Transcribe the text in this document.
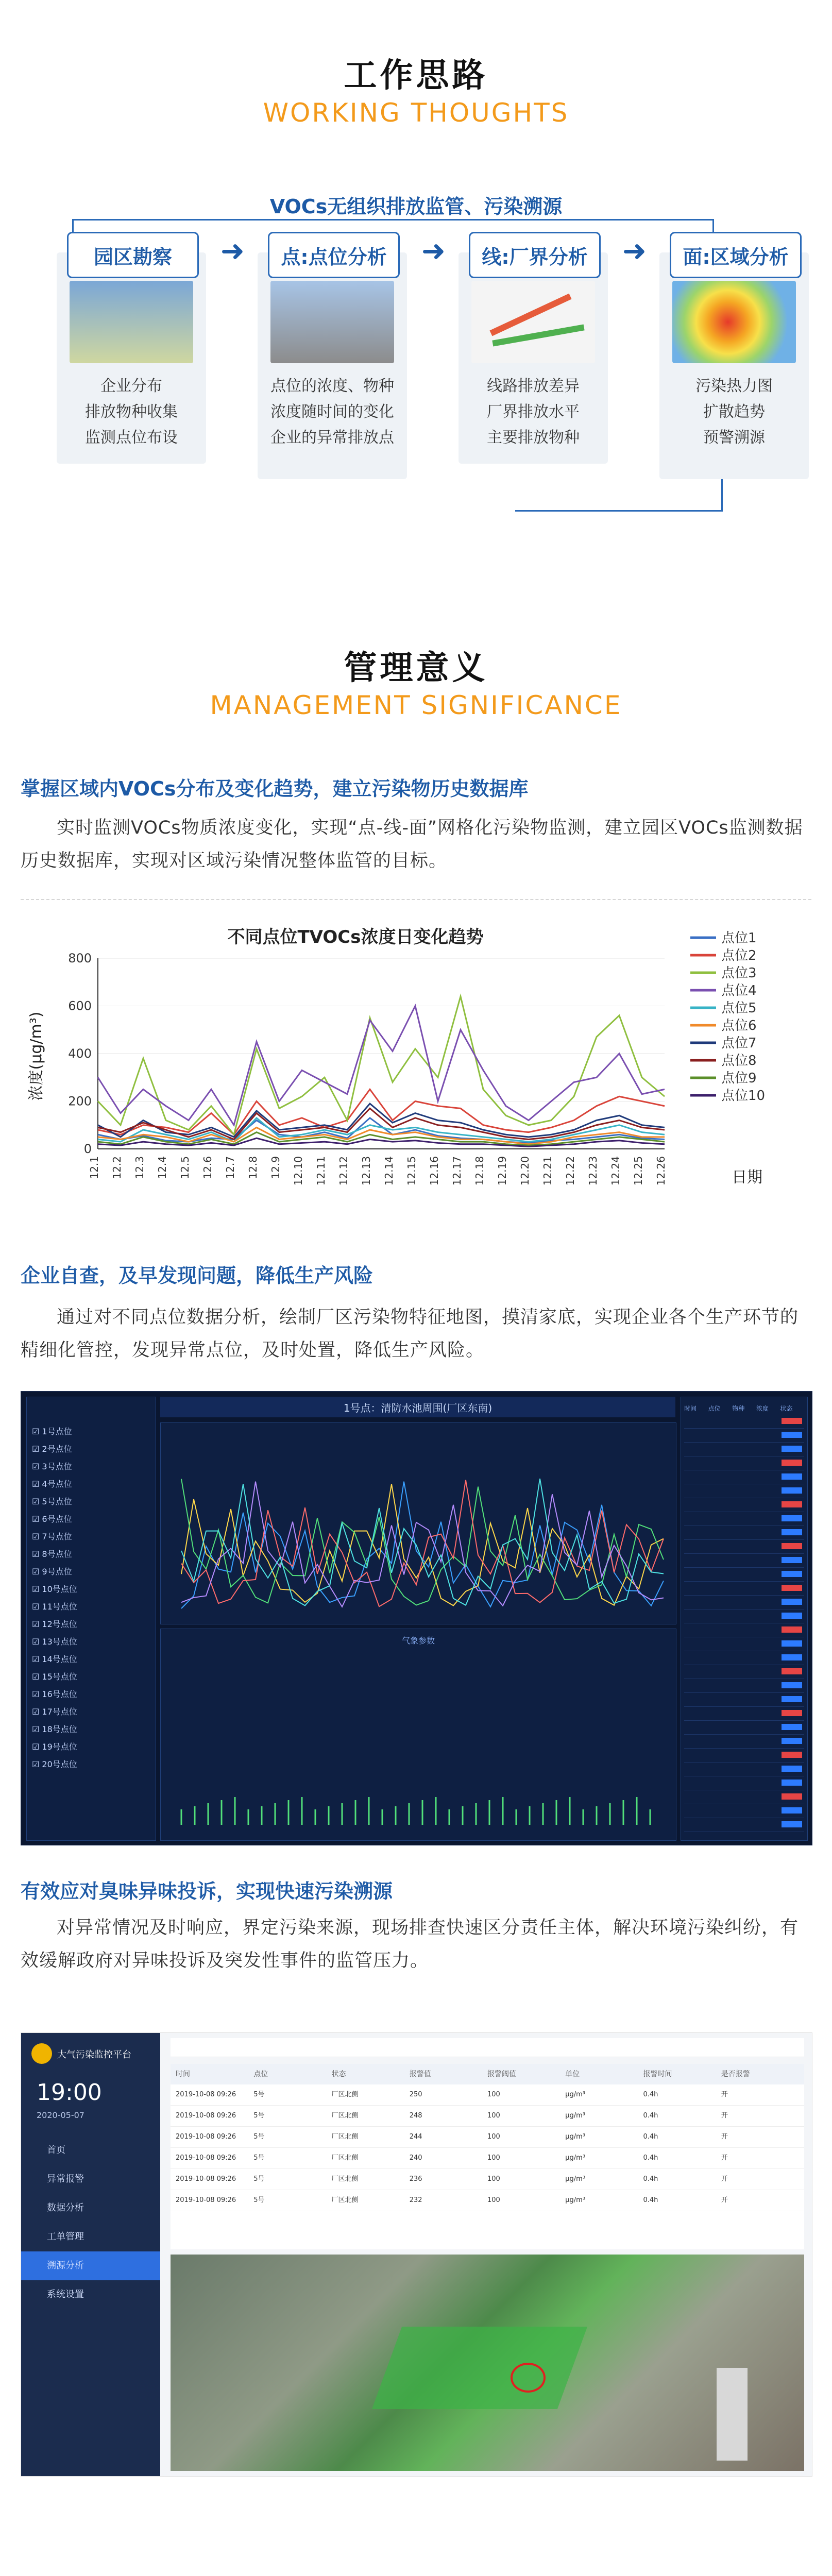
工作思路
WORKING THOUGHTS
VOCs无组织排放监管、污染溯源
企业分布
排放物种收集
监测点位布设
点位的浓度、物种
浓度随时间的变化
企业的异常排放点
线路排放差异
厂界排放水平
主要排放物种
污染热力图
扩散趋势
预警溯源
园区勘察	点:点位分析	线:厂界分析	面:区域分析
➜	➜	➜
管理意义
MANAGEMENT SIGNIFICANCE
掌握区域内VOCs分布及变化趋势，建立污染物历史数据库
实时监测VOCs物质浓度变化，实现“点-线-面”网格化污染物监测，建立园区VOCs监测数据历史数据库，实现对区域污染情况整体监管的目标。
不同点位TVOCs浓度日变化趋势
浓度(µg/m³)
日期
0
200
400
600
800
12.1 12.2 12.3 12.4 12.5 12.6 12.7 12.8 12.9 12.10 12.11 12.12 12.13 12.14 12.15 12.16 12.17 12.18 12.19 12.20 12.21 12.22 12.23 12.24 12.25 12.26
点位1
点位2
点位3
点位4
点位5
点位6
点位7
点位8
点位9
点位10
企业自查，及早发现问题，降低生产风险
通过对不同点位数据分析，绘制厂区污染物特征地图，摸清家底，实现企业各个生产环节的精细化管控，发现异常点位，及时处置，降低生产风险。
☑ 1号点位
☑ 2号点位
☑ 3号点位
☑ 4号点位
☑ 5号点位
☑ 6号点位
☑ 7号点位
☑ 8号点位
☑ 9号点位
☑ 10号点位
☑ 11号点位
☑ 12号点位
☑ 13号点位
☑ 14号点位
☑ 15号点位
☑ 16号点位
☑ 17号点位
☑ 18号点位
☑ 19号点位
☑ 20号点位
1号点：清防水池周围(厂区东南)
气象参数
时间	点位	物种	浓度	状态
有效应对臭味异味投诉，实现快速污染溯源
对异常情况及时响应，界定污染来源，现场排查快速区分责任主体，解决环境污染纠纷，有效缓解政府对异味投诉及突发性事件的监管压力。
大气污染监控平台
19:00
2020-05-07
首页
异常报警
数据分析
工单管理
溯源分析
系统设置
时间	点位	状态	报警值	报警阈值	单位	报警时间	是否报警
2019-10-08 09:26	5号	厂区北侧	250	100	μg/m³	0.4h	开
2019-10-08 09:26	5号	厂区北侧	248	100	μg/m³	0.4h	开
2019-10-08 09:26	5号	厂区北侧	244	100	μg/m³	0.4h	开
2019-10-08 09:26	5号	厂区北侧	240	100	μg/m³	0.4h	开
2019-10-08 09:26	5号	厂区北侧	236	100	μg/m³	0.4h	开
2019-10-08 09:26	5号	厂区北侧	232	100	μg/m³	0.4h	开
